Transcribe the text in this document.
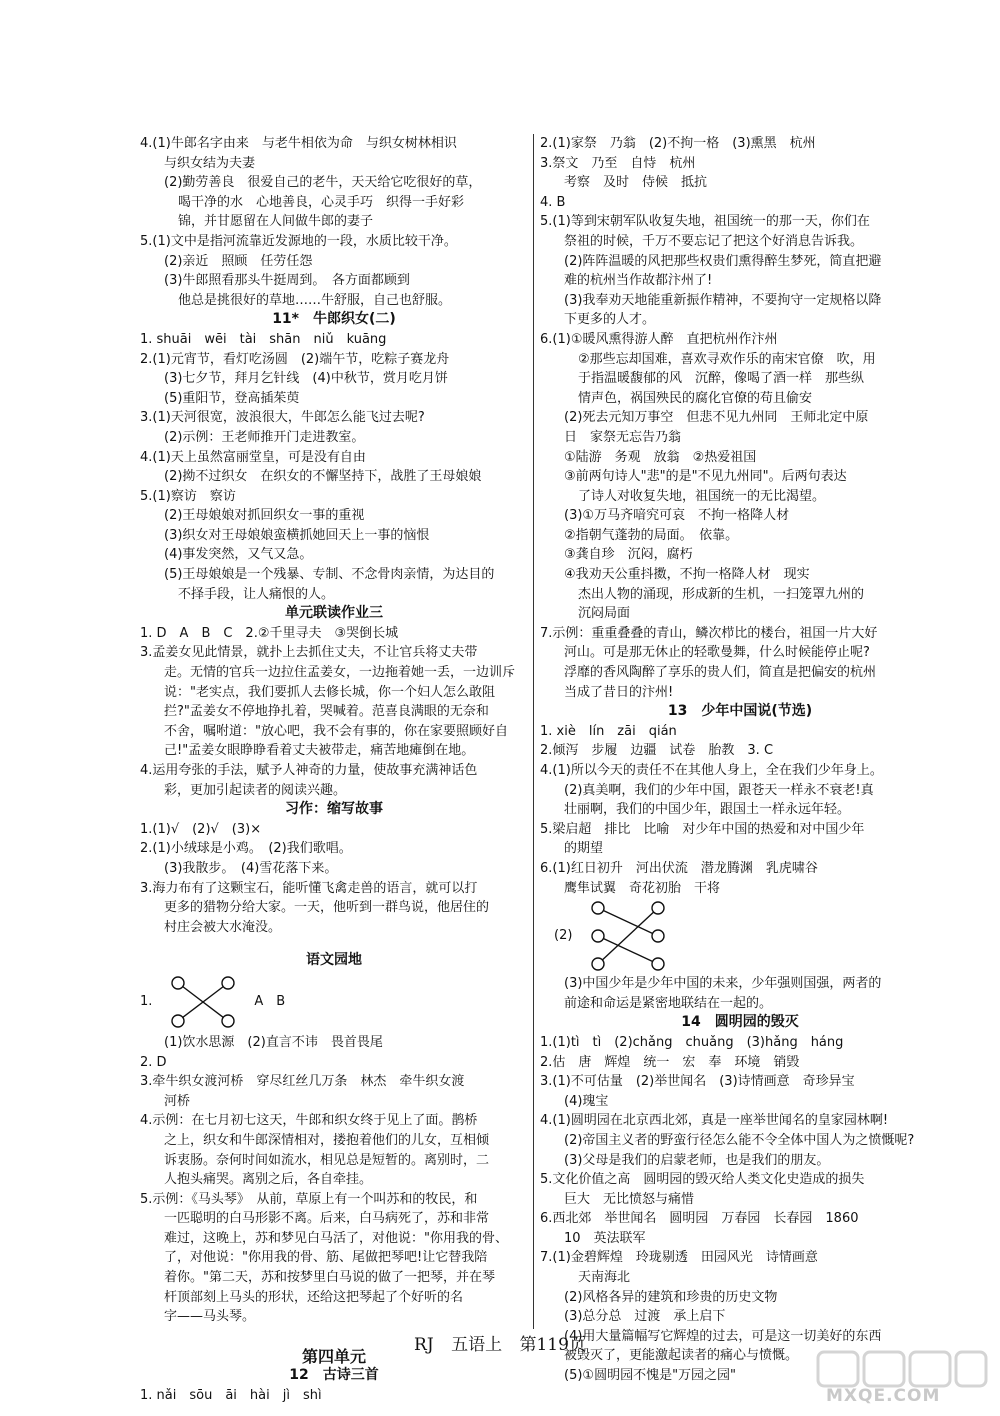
4.(1)牛郎名字由来　与老牛相依为命　与织女树林相识
与织女结为夫妻
(2)勤劳善良　很爱自己的老牛，天天给它吃很好的草，
喝干净的水　心地善良，心灵手巧　织得一手好彩
锦，并甘愿留在人间做牛郎的妻子
5.(1)文中是指河流靠近发源地的一段，水质比较干净。
(2)亲近　照顾　任劳任怨
(3)牛郎照看那头牛挺周到。　各方面都顾到
他总是挑很好的草地……牛舒服，自己也舒服。
11*　牛郎织女(二)
1. shuāi　wēi　tài　shān　niǔ　kuāng
2.(1)元宵节，看灯吃汤圆　(2)端午节，吃粽子赛龙舟
(3)七夕节，拜月乞针线　(4)中秋节，赏月吃月饼
(5)重阳节，登高插茱萸
3.(1)天河很宽，波浪很大，牛郎怎么能飞过去呢?
(2)示例：王老师推开门走进教室。
4.(1)天上虽然富丽堂皇，可是没有自由
(2)拗不过织女　在织女的不懈坚持下，战胜了王母娘娘
5.(1)察访　察访
(2)王母娘娘对抓回织女一事的重视
(3)织女对王母娘娘蛮横抓她回天上一事的恼恨
(4)事发突然，又气又急。
(5)王母娘娘是一个残暴、专制、不念骨肉亲情，为达目的
不择手段，让人痛恨的人。
单元联读作业三
1. D　A　B　C　2.②千里寻夫　③哭倒长城
3.孟姜女见此情景，就扑上去抓住丈夫，不让官兵将丈夫带
走。无情的官兵一边拉住孟姜女，一边拖着她一丢，一边训斥
说："老实点，我们要抓人去修长城，你一个妇人怎么敢阻
拦?"孟姜女不停地挣扎着，哭喊着。范喜良满眼的无奈和
不舍，嘱咐道："放心吧，我不会有事的，你在家要照顾好自
己!"孟姜女眼睁睁看着丈夫被带走，痛苦地瘫倒在地。
4.运用夸张的手法，赋予人神奇的力量，使故事充满神话色
彩，更加引起读者的阅读兴趣。
习作：缩写故事
1.(1)√　(2)√　(3)×
2.(1)小绒球是小鸡。　(2)我们歌唱。
(3)我散步。　(4)雪花落下来。
3.海力布有了这颗宝石，能听懂飞禽走兽的语言，就可以打
更多的猎物分给大家。一天，他听到一群鸟说，他居住的
村庄会被大水淹没。
语文园地
1.	A　B
(1)饮水思源　(2)直言不讳　畏首畏尾
2. D
3.牵牛织女渡河桥　穿尽红丝几万条　林杰　牵牛织女渡
河桥
4.示例：在七月初七这天，牛郎和织女终于见上了面。鹊桥
之上，织女和牛郎深情相对，搂抱着他们的儿女，互相倾
诉衷肠。奈何时间如流水，相见总是短暂的。离别时，二
人抱头痛哭。离别之后，各自牵挂。
5.示例：《马头琴》　从前，草原上有一个叫苏和的牧民，和
一匹聪明的白马形影不离。后来，白马病死了，苏和非常
难过，这晚上，苏和梦见白马活了，对他说："你用我的骨、
了，对他说："你用我的骨、筋、尾做把琴吧!让它替我陪
着你。"第二天，苏和按梦里白马说的做了一把琴，并在琴
杆顶部刻上马头的形状，还给这把琴起了个好听的名
字——马头琴。
第四单元
12　古诗三首
1. nǎi　sōu　āi　hài　jì　shì
2.(1)家祭　乃翁　(2)不拘一格　(3)熏黑　杭州
3.祭文　乃至　自恃　杭州
考察　及时　侍候　抵抗
4. B
5.(1)等到宋朝军队收复失地，祖国统一的那一天，你们在
祭祖的时候，千万不要忘记了把这个好消息告诉我。
(2)阵阵温暖的风把那些权贵们熏得醉生梦死，简直把避
难的杭州当作故都汴州了!
(3)我奉劝天地能重新振作精神，不要拘守一定规格以降
下更多的人才。
6.(1)①暖风熏得游人醉　直把杭州作汴州
②那些忘却国难，喜欢寻欢作乐的南宋官僚　吹，用
于指温暖馥郁的风　沉醉，像喝了酒一样　那些纵
情声色，祸国殃民的腐化官僚的苟且偷安
(2)死去元知万事空　但悲不见九州同　王师北定中原
日　家祭无忘告乃翁
①陆游　务观　放翁　②热爱祖国
③前两句诗人"悲"的是"不见九州同"。后两句表达
了诗人对收复失地，祖国统一的无比渴望。
(3)①万马齐喑究可哀　不拘一格降人材
②指朝气蓬勃的局面。　依靠。
③龚自珍　沉闷，腐朽
④我劝天公重抖擞，不拘一格降人材　现实
杰出人物的涌现，形成新的生机，一扫笼罩九州的
沉闷局面
7.示例：重重叠叠的青山，鳞次栉比的楼台，祖国一片大好
河山。可是那无休止的轻歌曼舞，什么时候能停止呢?
浮靡的香风陶醉了享乐的贵人们，简直是把偏安的杭州
当成了昔日的汴州!
13　少年中国说(节选)
1. xiè　lín　zāi　qián
2.倾泻　步履　边疆　试卷　胎教　3. C
4.(1)所以今天的责任不在其他人身上，全在我们少年身上。
(2)真美啊，我们的少年中国，跟苍天一样永不衰老!真
壮丽啊，我们的中国少年，跟国土一样永远年轻。
5.梁启超　排比　比喻　对少年中国的热爱和对中国少年
的期望
6.(1)红日初升　河出伏流　潜龙腾渊　乳虎啸谷
鹰隼试翼　奇花初胎　干将
(2)
(3)中国少年是少年中国的未来，少年强则国强，两者的
前途和命运是紧密地联结在一起的。
14　圆明园的毁灭
1.(1)tì　tì　(2)chǎng　chuǎng　(3)hǎng　háng
2.估　唐　辉煌　统一　宏　奉　环境　销毁
3.(1)不可估量　(2)举世闻名　(3)诗情画意　奇珍异宝
(4)瑰宝
4.(1)圆明园在北京西北郊，真是一座举世闻名的皇家园林啊!
(2)帝国主义者的野蛮行径怎么能不令全体中国人为之愤慨呢?
(3)父母是我们的启蒙老师，也是我们的朋友。
5.文化价值之高　圆明园的毁灭给人类文化史造成的损失
巨大　无比愤怒与痛惜
6.西北郊　举世闻名　圆明园　万春园　长春园　1860
10　英法联军
7.(1)金碧辉煌　玲珑剔透　田园风光　诗情画意
天南海北
(2)风格各异的建筑和珍贵的历史文物
(3)总分总　过渡　承上启下
(4)用大量篇幅写它辉煌的过去，可是这一切美好的东西
被毁灭了，更能激起读者的痛心与愤慨。
(5)①圆明园不愧是"万园之园"
RJ 五语上 第119页
MXQE.COM
